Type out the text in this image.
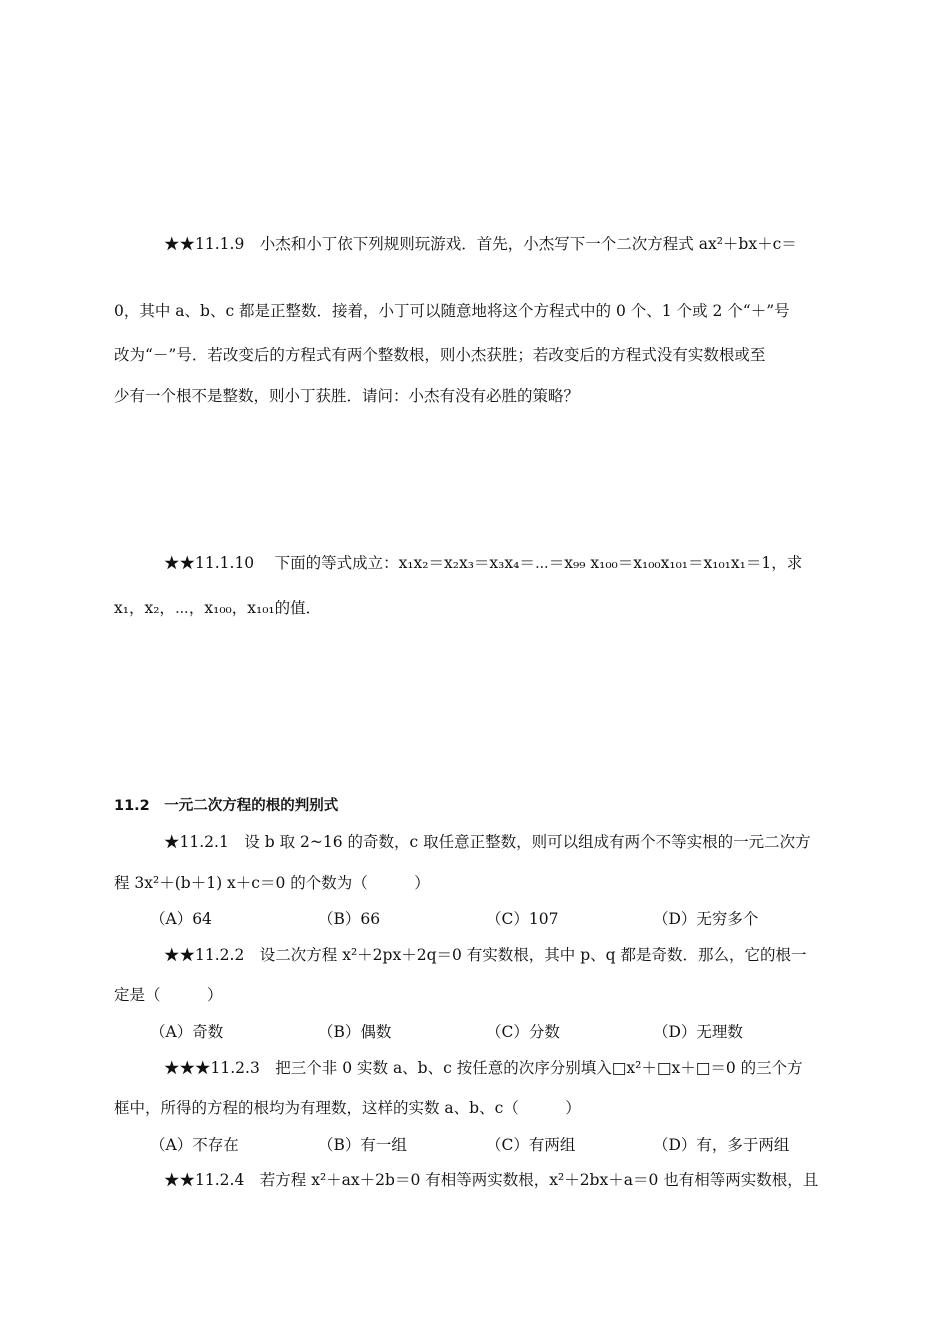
★★11.1.9　小杰和小丁依下列规则玩游戏．首先，小杰写下一个二次方程式 ax²＋bx＋c＝
0，其中 a、b、c 都是正整数．接着，小丁可以随意地将这个方程式中的 0 个、1 个或 2 个“＋”号
改为“－”号．若改变后的方程式有两个整数根，则小杰获胜；若改变后的方程式没有实数根或至
少有一个根不是整数，则小丁获胜．请问：小杰有没有必胜的策略？
★★11.1.10　 下面的等式成立：x₁x₂＝x₂x₃＝x₃x₄＝⋯＝x₉₉ x₁₀₀＝x₁₀₀x₁₀₁＝x₁₀₁x₁＝1，求
x₁，x₂，⋯，x₁₀₀，x₁₀₁的值．
11.2　一元二次方程的根的判别式
★11.2.1　设 b 取 2~16 的奇数，c 取任意正整数，则可以组成有两个不等实根的一元二次方
程 3x²＋(b＋1) x＋c＝0 的个数为（　　　）
（A）64	（B）66	（C）107	（D）无穷多个
★★11.2.2　设二次方程 x²＋2px＋2q＝0 有实数根，其中 p、q 都是奇数．那么，它的根一
定是（　　　）
（A）奇数	（B）偶数	（C）分数	（D）无理数
★★★11.2.3　把三个非 0 实数 a、b、c 按任意的次序分别填入□x²＋□x＋□＝0 的三个方
框中，所得的方程的根均为有理数，这样的实数 a、b、c（　　　）
（A）不存在	（B）有一组	（C）有两组	（D）有，多于两组
★★11.2.4　若方程 x²＋ax＋2b＝0 有相等两实数根，x²＋2bx＋a＝0 也有相等两实数根，且
